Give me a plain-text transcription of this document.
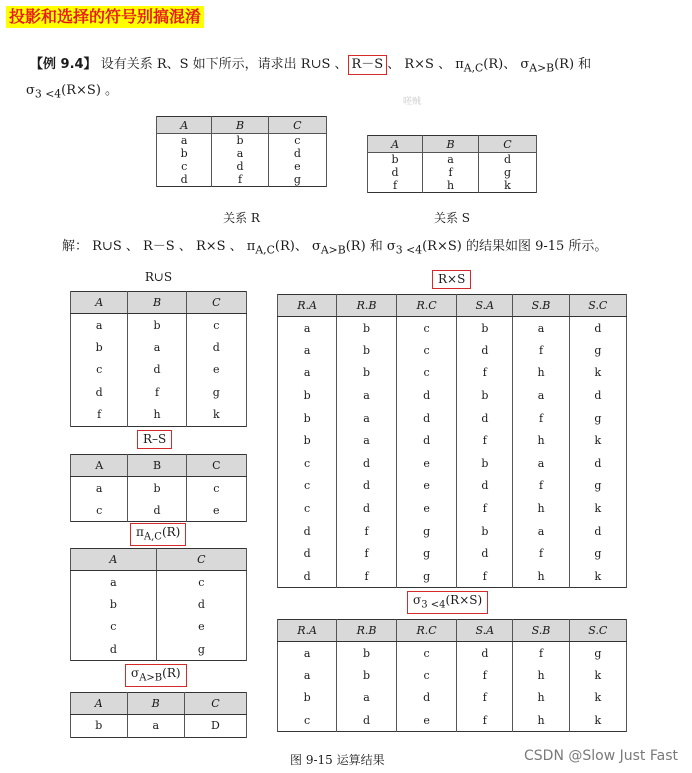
投影和选择的符号别搞混淆
【例 9.4】 设有关系 R、S 如下所示，请求出 R∪S 、 R－S 、 R×S 、 $\pi_{A,C}(R)$、 $\sigma_{A>B}(R)$ 和
$\sigma_{3 <4}(R\times S)$ 。
嗟贼
A	B	C
a	b	c
b	a	d
c	d	e
d	f	g
关系 R
A	B	C
b	a	d
d	f	g
f	h	k
关系 S
解： R∪S 、 R－S 、 R×S 、 $\pi_{A,C}(R)$、 $\sigma_{A>B}(R)$ 和 $\sigma_{3 <4}(R\times S)$ 的结果如图 9-15 所示。
R∪S
A	B	C
a	b	c
b	a	d
c	d	e
d	f	g
f	h	k
R–S
A	B	C
a	b	c
c	d	e
$\pi_{A,C}(R)$
A	C
a	c
b	d
c	e
d	g
$\sigma_{A>B}(R)$
A	B	C
b	a	D
R×S
R.A	R.B	R.C	S.A	S.B	S.C
a	b	c	b	a	d
a	b	c	d	f	g
a	b	c	f	h	k
b	a	d	b	a	d
b	a	d	d	f	g
b	a	d	f	h	k
c	d	e	b	a	d
c	d	e	d	f	g
c	d	e	f	h	k
d	f	g	b	a	d
d	f	g	d	f	g
d	f	g	f	h	k
$\sigma_{3 <4}(R\times S)$
R.A	R.B	R.C	S.A	S.B	S.C
a	b	c	d	f	g
a	b	c	f	h	k
b	a	d	f	h	k
c	d	e	f	h	k
图 9-15 运算结果	CSDN @Slow Just Fast
